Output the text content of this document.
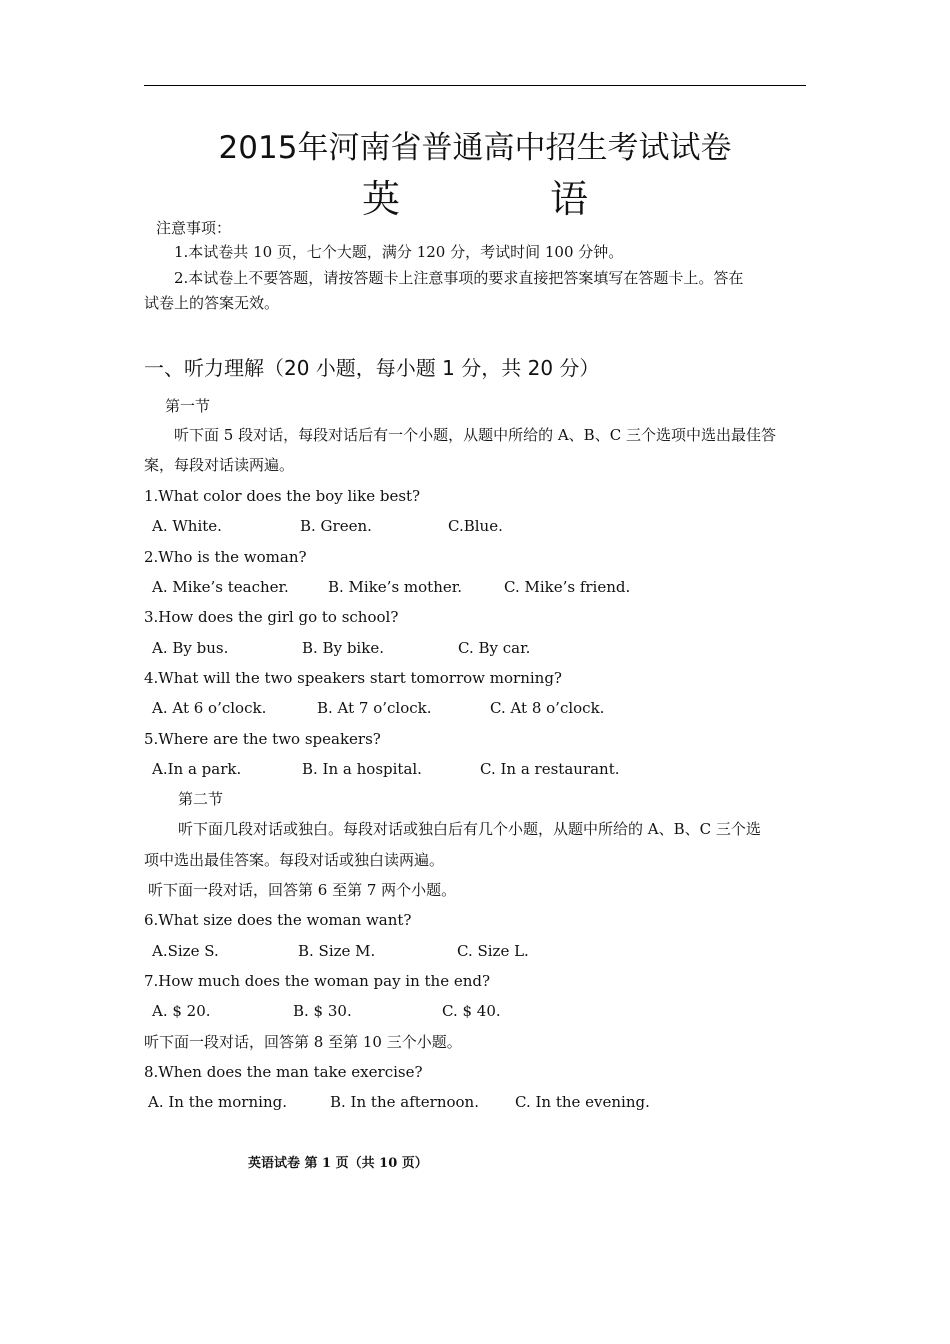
2015年河南省普通高中招生考试试卷
英	语
注意事项：
1.本试卷共 10 页，七个大题，满分 120 分，考试时间 100 分钟。
2.本试卷上不要答题，请按答题卡上注意事项的要求直接把答案填写在答题卡上。答在
试卷上的答案无效。
一、听力理解（20 小题，每小题 1 分，共 20 分）
第一节
听下面 5 段对话，每段对话后有一个小题，从题中所给的 A、B、C 三个选项中选出最佳答
案，每段对话读两遍。
1.What color does the boy like best?
A. White.	B. Green.	C.Blue.
2.Who is the woman?
A. Mike’s teacher.	B. Mike’s mother.	C. Mike’s friend.
3.How does the girl go to school?
A. By bus.	B. By bike.	C. By car.
4.What will the two speakers start tomorrow morning?
A. At 6 o’clock.	B. At 7 o’clock.	C. At 8 o’clock.
5.Where are the two speakers?
A.In a park.	B. In a hospital.	C. In a restaurant.
第二节
听下面几段对话或独白。每段对话或独白后有几个小题，从题中所给的 A、B、C 三个选
项中选出最佳答案。每段对话或独白读两遍。
听下面一段对话，回答第 6 至第 7 两个小题。
6.What size does the woman want?
A.Size S.	B. Size M.	C. Size L.
7.How much does the woman pay in the end?
A. $ 20.	B. $ 30.	C. $ 40.
听下面一段对话，回答第 8 至第 10 三个小题。
8.When does the man take exercise?
A. In the morning.	B. In the afternoon. C. In the evening.
英语试卷 第 1 页（共 10 页）
